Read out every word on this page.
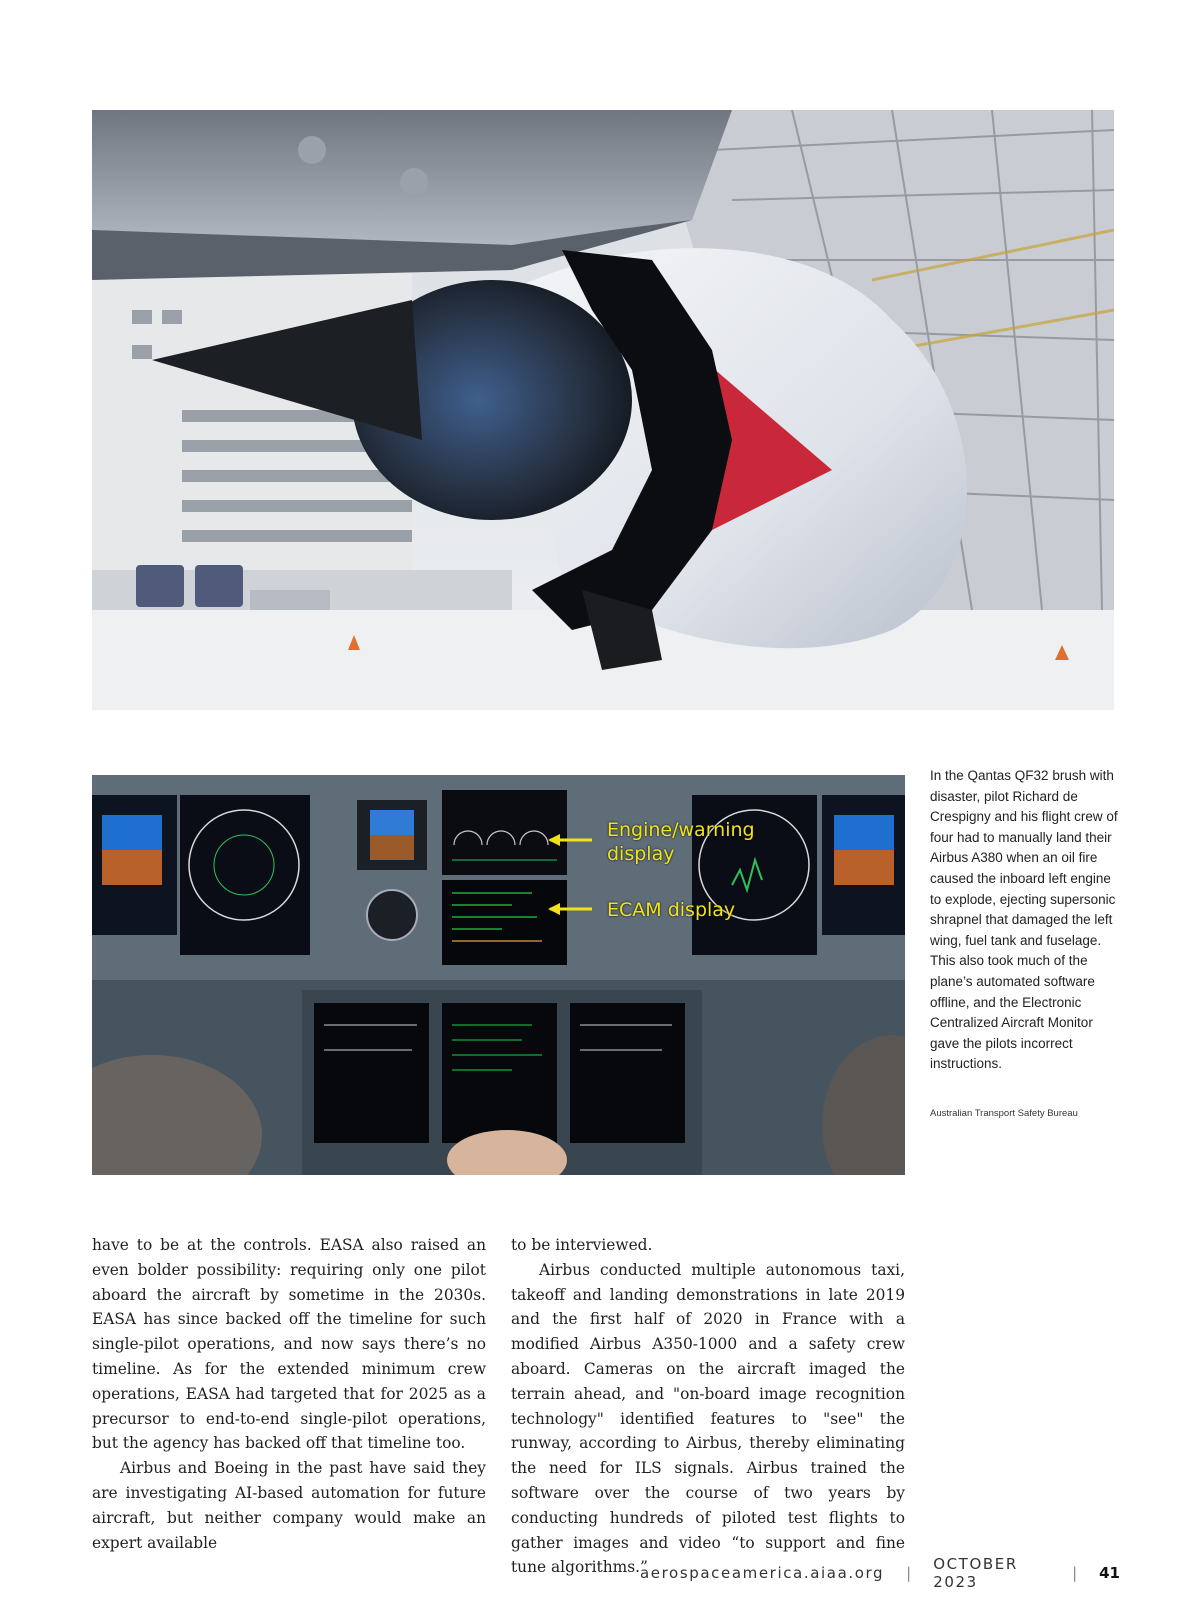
Engine/warning
display
ECAM display
In the Qantas QF32 brush with disaster, pilot Richard de Crespigny and his flight crew of four had to manually land their Airbus A380 when an oil fire caused the inboard left engine to explode, ejecting supersonic shrapnel that damaged the left wing, fuel tank and fuselage. This also took much of the plane’s automated software offline, and the Electronic Centralized Aircraft Monitor gave the pilots incorrect instructions.
Australian Transport Safety Bureau

have to be at the controls. EASA also raised an even bolder possibility: requiring only one pilot aboard the aircraft by sometime in the 2030s. EASA has since backed off the timeline for such single-pilot operations, and now says there’s no timeline. As for the extended minimum crew operations, EASA had targeted that for 2025 as a precursor to end-to-end single-pilot operations, but the agency has backed off that timeline too.

Airbus and Boeing in the past have said they are investigating AI-based automation for future aircraft, but neither company would make an expert available

to be interviewed.

Airbus conducted multiple autonomous taxi, takeoff and landing demonstrations in late 2019 and the first half of 2020 in France with a modified Airbus A350-1000 and a safety crew aboard. Cameras on the aircraft imaged the terrain ahead, and "on-board image recognition technology" identified features to "see" the runway, according to Airbus, thereby eliminating the need for ILS signals. Airbus trained the software over the course of two years by conducting hundreds of piloted test flights to gather images and video “to support and fine tune algorithms.”

aerospaceamerica.aiaa.org | OCTOBER 2023	| 41
